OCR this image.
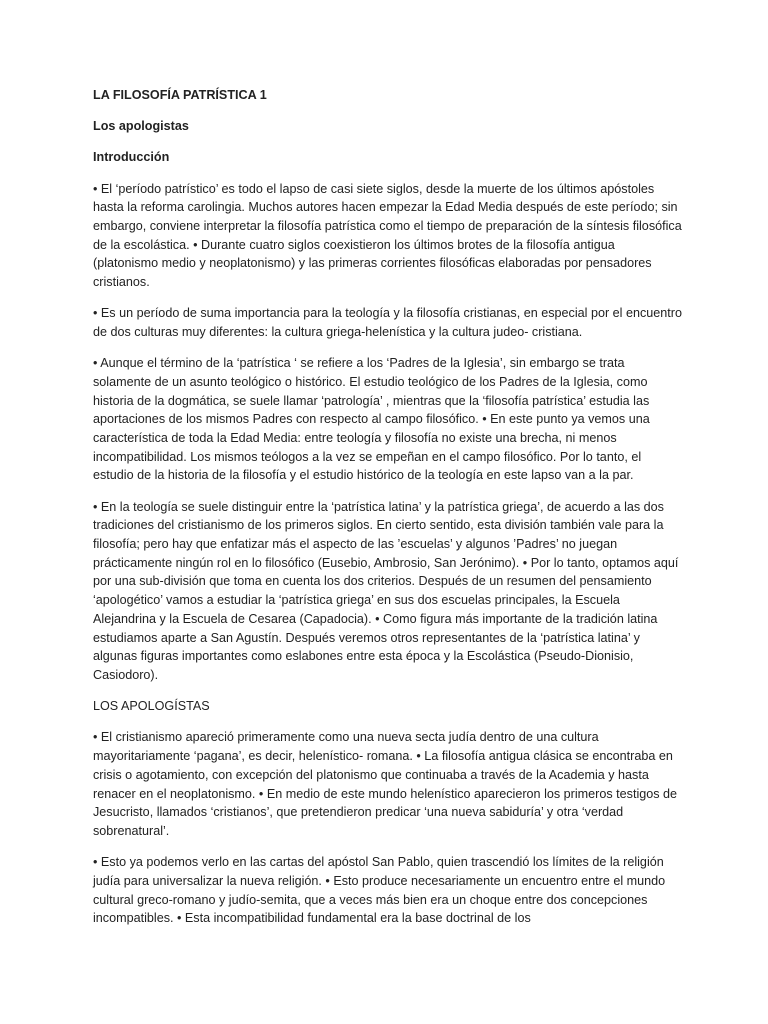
LA FILOSOFÍA PATRÍSTICA 1

Los apologistas

Introducción

• El ‘período patrístico’ es todo el lapso de casi siete siglos, desde la muerte de los últimos apóstoles hasta la reforma carolingia. Muchos autores hacen empezar la Edad Media después de este período; sin embargo, conviene interpretar la filosofía patrística como el tiempo de preparación de la síntesis filosófica de la escolástica. • Durante cuatro siglos coexistieron los últimos brotes de la filosofía antigua (platonismo medio y neoplatonismo) y las primeras corrientes filosóficas elaboradas por pensadores cristianos.

• Es un período de suma importancia para la teología y la filosofía cristianas, en especial por el encuentro de dos culturas muy diferentes: la cultura griega-helenística y la cultura judeo- cristiana.

• Aunque el término de la ‘patrística ‘ se refiere a los ‘Padres de la Iglesia’, sin embargo se trata solamente de un asunto teológico o histórico. El estudio teológico de los Padres de la Iglesia, como historia de la dogmática, se suele llamar ‘patrología’ , mientras que la ‘filosofía patrística’ estudia las aportaciones de los mismos Padres con respecto al campo filosófico. • En este punto ya vemos una característica de toda la Edad Media: entre teología y filosofía no existe una brecha, ni menos incompatibilidad. Los mismos teólogos a la vez se empeñan en el campo filosófico. Por lo tanto, el estudio de la historia de la filosofía y el estudio histórico de la teología en este lapso van a la par.

• En la teología se suele distinguir entre la ‘patrística latina’ y la patrística griega’, de acuerdo a las dos tradiciones del cristianismo de los primeros siglos. En cierto sentido, esta división también vale para la filosofía; pero hay que enfatizar más el aspecto de las ’escuelas’ y algunos ’Padres’ no juegan prácticamente ningún rol en lo filosófico (Eusebio, Ambrosio, San Jerónimo). • Por lo tanto, optamos aquí por una sub-división que toma en cuenta los dos criterios. Después de un resumen del pensamiento ‘apologético’ vamos a estudiar la ‘patrística griega’ en sus dos escuelas principales, la Escuela Alejandrina y la Escuela de Cesarea (Capadocia). • Como figura más importante de la tradición latina estudiamos aparte a San Agustín. Después veremos otros representantes de la ‘patrística latina’ y algunas figuras importantes como eslabones entre esta época y la Escolástica (Pseudo-Dionisio, Casiodoro).

LOS APOLOGÍSTAS

• El cristianismo apareció primeramente como una nueva secta judía dentro de una cultura mayoritariamente ‘pagana’, es decir, helenístico- romana. • La filosofía antigua clásica se encontraba en crisis o agotamiento, con excepción del platonismo que continuaba a través de la Academia y hasta renacer en el neoplatonismo. • En medio de este mundo helenístico aparecieron los primeros testigos de Jesucristo, llamados ‘cristianos’, que pretendieron predicar ‘una nueva sabiduría’ y otra ‘verdad sobrenatural’.

• Esto ya podemos verlo en las cartas del apóstol San Pablo, quien trascendió los límites de la religión judía para universalizar la nueva religión. • Esto produce necesariamente un encuentro entre el mundo cultural greco-romano y judío-semita, que a veces más bien era un choque entre dos concepciones incompatibles. • Esta incompatibilidad fundamental era la base doctrinal de los
